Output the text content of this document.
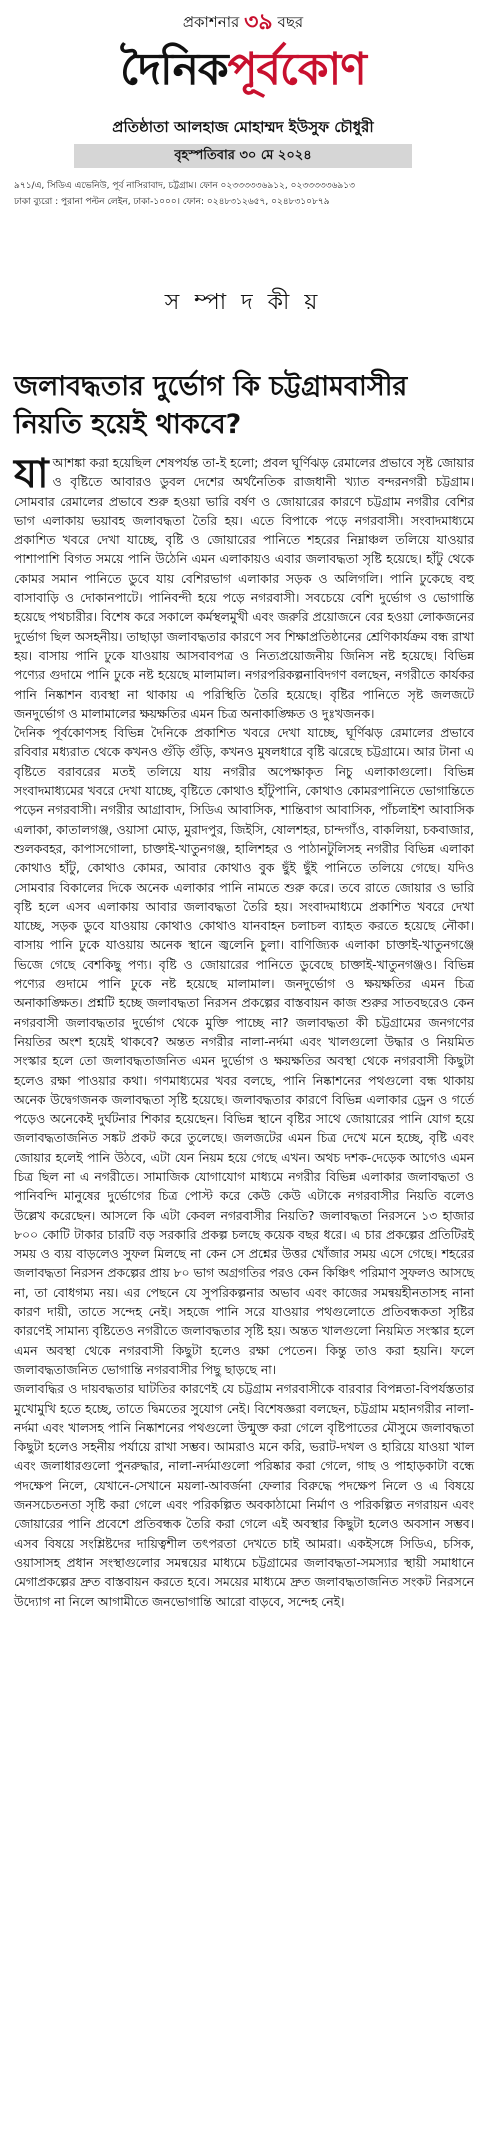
প্রকাশনার ৩৯ বছর
দৈনিকপূর্বকোণ
প্রতিষ্ঠাতা আলহাজ মোহাম্মদ ইউসুফ চৌধুরী
বৃহস্পতিবার ৩০ মে ২০২৪
৯৭১/এ, সিডিএ এভেনিউ, পূর্ব নাসিরাবাদ, চট্টগ্রাম। ফোন ০২৩৩৩৩৩৬৯১২, ০২৩৩৩৩৩৬৯১৩
ঢাকা ব্যুরো : পুরানা পল্টন লেইন, ঢাকা-১০০০। ফোন: ০২৪৮৩১২৬৫৭, ০২৪৮৩১০৮৭৯
স ম্পা দ কী য়
জলাবদ্ধতার দুর্ভোগ কি চট্টগ্রামবাসীর নিয়তি হয়েই থাকবে?

যা আশঙ্কা করা হয়েছিল শেষপর্যন্ত তা-ই হলো; প্রবল ঘূর্ণিঝড় রেমালের প্রভাবে সৃষ্ট জোয়ার ও বৃষ্টিতে আবারও ডুবল দেশের অর্থনৈতিক রাজধানী খ্যাত বন্দরনগরী চট্টগ্রাম। সোমবার রেমালের প্রভাবে শুরু হওয়া ভারি বর্ষণ ও জোয়ারের কারণে চট্টগ্রাম নগরীর বেশির ভাগ এলাকায় ভয়াবহ জলাবদ্ধতা তৈরি হয়। এতে বিপাকে পড়ে নগরবাসী। সংবাদমাধ্যমে প্রকাশিত খবরে দেখা যাচ্ছে, বৃষ্টি ও জোয়ারের পানিতে শহরের নিম্নাঞ্চল তলিয়ে যাওয়ার পাশাপাশি বিগত সময়ে পানি উঠেনি এমন এলাকায়ও এবার জলাবদ্ধতা সৃষ্টি হয়েছে। হাঁটু থেকে কোমর সমান পানিতে ডুবে যায় বেশিরভাগ এলাকার সড়ক ও অলিগলি। পানি ঢুকেছে বহু বাসাবাড়ি ও দোকানপাটে। পানিবন্দী হয়ে পড়ে নগরবাসী। সবচেয়ে বেশি দুর্ভোগ ও ভোগান্তি হয়েছে পথচারীর। বিশেষ করে সকালে কর্মস্থলমুখী এবং জরুরি প্রয়োজনে বের হওয়া লোকজনের দুর্ভোগ ছিল অসহনীয়। তাছাড়া জলাবদ্ধতার কারণে সব শিক্ষাপ্রতিষ্ঠানের শ্রেণিকার্যক্রম বন্ধ রাখা হয়। বাসায় পানি ঢুকে যাওয়ায় আসবাবপত্র ও নিত্যপ্রয়োজনীয় জিনিস নষ্ট হয়েছে। বিভিন্ন পণ্যের গুদামে পানি ঢুকে নষ্ট হয়েছে মালামাল। নগরপরিকল্পনাবিদগণ বলছেন, নগরীতে কার্যকর পানি নিষ্কাশন ব্যবস্থা না থাকায় এ পরিস্থিতি তৈরি হয়েছে। বৃষ্টির পানিতে সৃষ্ট জলজটে জনদুর্ভোগ ও মালামালের ক্ষয়ক্ষতির এমন চিত্র অনাকাঙ্ক্ষিত ও দুঃখজনক।

দৈনিক পূর্বকোণসহ বিভিন্ন দৈনিকে প্রকাশিত খবরে দেখা যাচ্ছে, ঘূর্ণিঝড় রেমালের প্রভাবে রবিবার মধ্যরাত থেকে কখনও গুঁড়ি গুঁড়ি, কখনও মুষলধারে বৃষ্টি ঝরেছে চট্টগ্রামে। আর টানা এ বৃষ্টিতে বরাবরের মতই তলিয়ে যায় নগরীর অপেক্ষাকৃত নিচু এলাকাগুলো। বিভিন্ন সংবাদমাধ্যমের খবরে দেখা যাচ্ছে, বৃষ্টিতে কোথাও হাঁটুপানি, কোথাও কোমরপানিতে ভোগান্তিতে পড়েন নগরবাসী। নগরীর আগ্রাবাদ, সিডিএ আবাসিক, শান্তিবাগ আবাসিক, পাঁচলাইশ আবাসিক এলাকা, কাতালগঞ্জ, ওয়াসা মোড়, মুরাদপুর, জিইসি, ষোলশহর, চান্দগাঁও, বাকলিয়া, চকবাজার, শুলকবহর, কাপাসগোলা, চাক্তাই-খাতুনগঞ্জ, হালিশহর ও পাঠানটুলিসহ নগরীর বিভিন্ন এলাকা কোথাও হাঁটু, কোথাও কোমর, আবার কোথাও বুক ছুঁই ছুঁই পানিতে তলিয়ে গেছে। যদিও সোমবার বিকালের দিকে অনেক এলাকার পানি নামতে শুরু করে। তবে রাতে জোয়ার ও ভারি বৃষ্টি হলে এসব এলাকায় আবার জলাবদ্ধতা তৈরি হয়। সংবাদমাধ্যমে প্রকাশিত খবরে দেখা যাচ্ছে, সড়ক ডুবে যাওয়ায় কোথাও কোথাও যানবাহন চলাচল ব্যাহত করতে হয়েছে নৌকা। বাসায় পানি ঢুকে যাওয়ায় অনেক স্থানে জ্বলেনি চুলা। বাণিজ্যিক এলাকা চাক্তাই-খাতুনগঞ্জে ভিজে গেছে বেশকিছু পণ্য। বৃষ্টি ও জোয়ারের পানিতে ডুবেছে চাক্তাই-খাতুনগঞ্জও। বিভিন্ন পণ্যের গুদামে পানি ঢুকে নষ্ট হয়েছে মালামাল। জনদুর্ভোগ ও ক্ষয়ক্ষতির এমন চিত্র অনাকাঙ্ক্ষিত। প্রশ্নটি হচ্ছে জলাবদ্ধতা নিরসন প্রকল্পের বাস্তবায়ন কাজ শুরুর সাতবছরেও কেন নগরবাসী জলাবদ্ধতার দুর্ভোগ থেকে মুক্তি পাচ্ছে না? জলাবদ্ধতা কী চট্টগ্রামের জনগণের নিয়তির অংশ হয়েই থাকবে? অন্তত নগরীর নালা-নর্দমা এবং খালগুলো উদ্ধার ও নিয়মিত সংস্কার হলে তো জলাবদ্ধতাজনিত এমন দুর্ভোগ ও ক্ষয়ক্ষতির অবস্থা থেকে নগরবাসী কিছুটা হলেও রক্ষা পাওয়ার কথা। গণমাধ্যমের খবর বলছে, পানি নিষ্কাশনের পথগুলো বন্ধ থাকায় অনেক উদ্বেগজনক জলাবদ্ধতা সৃষ্টি হয়েছে। জলাবদ্ধতার কারণে বিভিন্ন এলাকার ড্রেন ও গর্তে পড়েও অনেকেই দুর্ঘটনার শিকার হয়েছেন। বিভিন্ন স্থানে বৃষ্টির সাথে জোয়ারের পানি যোগ হয়ে জলাবদ্ধতাজনিত সঙ্কট প্রকট করে তুলেছে। জলজটের এমন চিত্র দেখে মনে হচ্ছে, বৃষ্টি এবং জোয়ার হলেই পানি উঠবে, এটা যেন নিয়ম হয়ে গেছে এখন। অথচ দশক-দেড়েক আগেও এমন চিত্র ছিল না এ নগরীতে। সামাজিক যোগাযোগ মাধ্যমে নগরীর বিভিন্ন এলাকার জলাবদ্ধতা ও পানিবন্দি মানুষের দুর্ভোগের চিত্র পোস্ট করে কেউ কেউ এটাকে নগরবাসীর নিয়তি বলেও উল্লেখ করেছেন। আসলে কি এটা কেবল নগরবাসীর নিয়তি? জলাবদ্ধতা নিরসনে ১৩ হাজার ৮০০ কোটি টাকার চারটি বড় সরকারি প্রকল্প চলছে কয়েক বছর ধরে। এ চার প্রকল্পের প্রতিটিরই সময় ও ব্যয় বাড়লেও সুফল মিলছে না কেন সে প্রশ্নের উত্তর খোঁজার সময় এসে গেছে। শহরের জলাবদ্ধতা নিরসন প্রকল্পের প্রায় ৮০ ভাগ অগ্রগতির পরও কেন কিঞ্চিৎ পরিমাণ সুফলও আসছে না, তা বোধগম্য নয়। এর পেছনে যে সুপরিকল্পনার অভাব এবং কাজের সমন্বয়হীনতাসহ নানা কারণ দায়ী, তাতে সন্দেহ নেই। সহজে পানি সরে যাওয়ার পথগুলোতে প্রতিবন্ধকতা সৃষ্টির কারণেই সামান্য বৃষ্টিতেও নগরীতে জলাবদ্ধতার সৃষ্টি হয়। অন্তত খালগুলো নিয়মিত সংস্কার হলে এমন অবস্থা থেকে নগরবাসী কিছুটা হলেও রক্ষা পেতেন। কিন্তু তাও করা হয়নি। ফলে জলাবদ্ধতাজনিত ভোগান্তি নগরবাসীর পিছু ছাড়ছে না।

জলাবদ্ধির ও দায়বদ্ধতার ঘাটতির কারণেই যে চট্টগ্রাম নগরবাসীকে বারবার বিপন্নতা-বিপর্যস্ততার মুখোমুখি হতে হচ্ছে, তাতে দ্বিমতের সুযোগ নেই। বিশেষজ্ঞরা বলছেন, চট্টগ্রাম মহানগরীর নালা-নর্দমা এবং খালসহ পানি নিষ্কাশনের পথগুলো উন্মুক্ত করা গেলে বৃষ্টিপাতের মৌসুমে জলাবদ্ধতা কিছুটা হলেও সহনীয় পর্যায়ে রাখা সম্ভব। আমরাও মনে করি, ভরাট-দখল ও হারিয়ে যাওয়া খাল এবং জলাধারগুলো পুনরুদ্ধার, নালা-নর্দমাগুলো পরিষ্কার করা গেলে, গাছ ও পাহাড়কাটা বন্ধে পদক্ষেপ নিলে, যেখানে-সেখানে ময়লা-আবর্জনা ফেলার বিরুদ্ধে পদক্ষেপ নিলে ও এ বিষয়ে জনসচেতনতা সৃষ্টি করা গেলে এবং পরিকল্পিত অবকাঠামো নির্মাণ ও পরিকল্পিত নগরায়ন এবং জোয়ারের পানি প্রবেশে প্রতিবন্ধক তৈরি করা গেলে এই অবস্থার কিছুটা হলেও অবসান সম্ভব। এসব বিষয়ে সংশ্লিষ্টদের দায়িত্বশীল তৎপরতা দেখতে চাই আমরা। একইসঙ্গে সিডিএ, চসিক, ওয়াসাসহ প্রধান সংস্থাগুলোর সমন্বয়ের মাধ্যমে চট্টগ্রামের জলাবদ্ধতা-সমস্যার স্থায়ী সমাধানে মেগাপ্রকল্পের দ্রুত বাস্তবায়ন করতে হবে। সময়ের মাধ্যমে দ্রুত জলাবদ্ধতাজনিত সংকট নিরসনে উদ্যোগ না নিলে আগামীতে জনভোগান্তি আরো বাড়বে, সন্দেহ নেই।
